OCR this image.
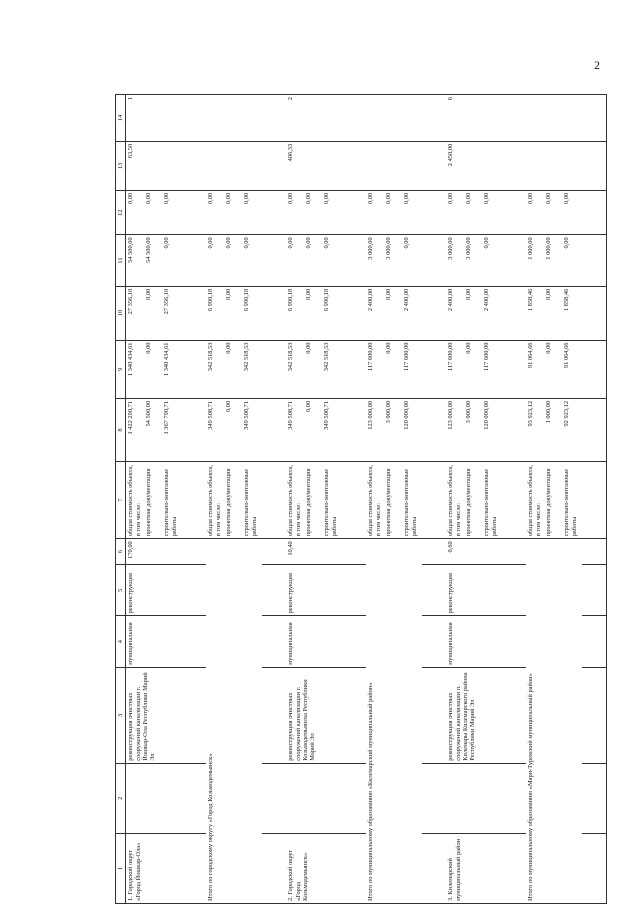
2
1	2	3	4	5	6	7	8	9	10	11	12	13	14
1. Городской округ «Город Йошкар-Ола»		реконструкция очистных сооружений канализации г. Йошкар-Ола Республики Марий Эл	муниципальная	реконструкция	170,00	общая стоимость объекта, в том числе: проектная документация строительно-монтажные работы	1 422 290,71 54 500,00 1 367 790,71	1 340 434,61 0,00 1 340 434,61	27 356,10 0,00 27 356,10	54 500,00 54 500,00 0,00	0,00 0,00 0,00	63,50	1

Итого по городскому округу «Город Козьмодемьянск»						общая стоимость объекта, в том числе: проектная документация строительно-монтажные работы	349 508,71 0,00 349 508,71	342 518,53 0,00 342 518,53	6 990,18 0,00 6 990,18	0,00 0,00 0,00	0,00 0,00 0,00		

2. Городской округ «Город Козьмодемьянск»		реконструкция очистных сооружений канализации г. Козьмодемьянска Республики Марий Эл	муниципальная	реконструкция	10,40	общая стоимость объекта, в том числе: проектная документация строительно-монтажные работы	349 508,71 0,00 349 508,71	342 518,53 0,00 342 518,53	6 990,18 0,00 6 990,18	0,00 0,00 0,00	0,00 0,00 0,00	406,33	2

Итого по муниципальному образованию «Килемарский муниципальный район»						общая стоимость объекта, в том числе: проектная документация строительно-монтажные работы	123 000,00 3 000,00 120 000,00	117 600,00 0,00 117 600,00	2 400,00 0,00 2 400,00	3 000,00 3 000,00 0,00	0,00 0,00 0,00		

3. Килемарский муниципальный район		реконструкция очистных сооружений канализации п. Килемары Килемарского района Республики Марий Эл	муниципальная	реконструкция	0,60	общая стоимость объекта, в том числе: проектная документация строительно-монтажные работы	123 000,00 3 000,00 120 000,00	117 600,00 0,00 117 600,00	2 400,00 0,00 2 400,00	3 000,00 3 000,00 0,00	0,00 0,00 0,00	2 450,00	6

Итого по муниципальному образованию «Мари-Турекский муниципальный район»						общая стоимость объекта, в том числе: проектная документация строительно-монтажные работы	93 923,12 1 000,00 92 923,12	91 064,66 0,00 91 064,66	1 858,46 0,00 1 858,46	1 000,00 1 000,00 0,00	0,00 0,00 0,00		
